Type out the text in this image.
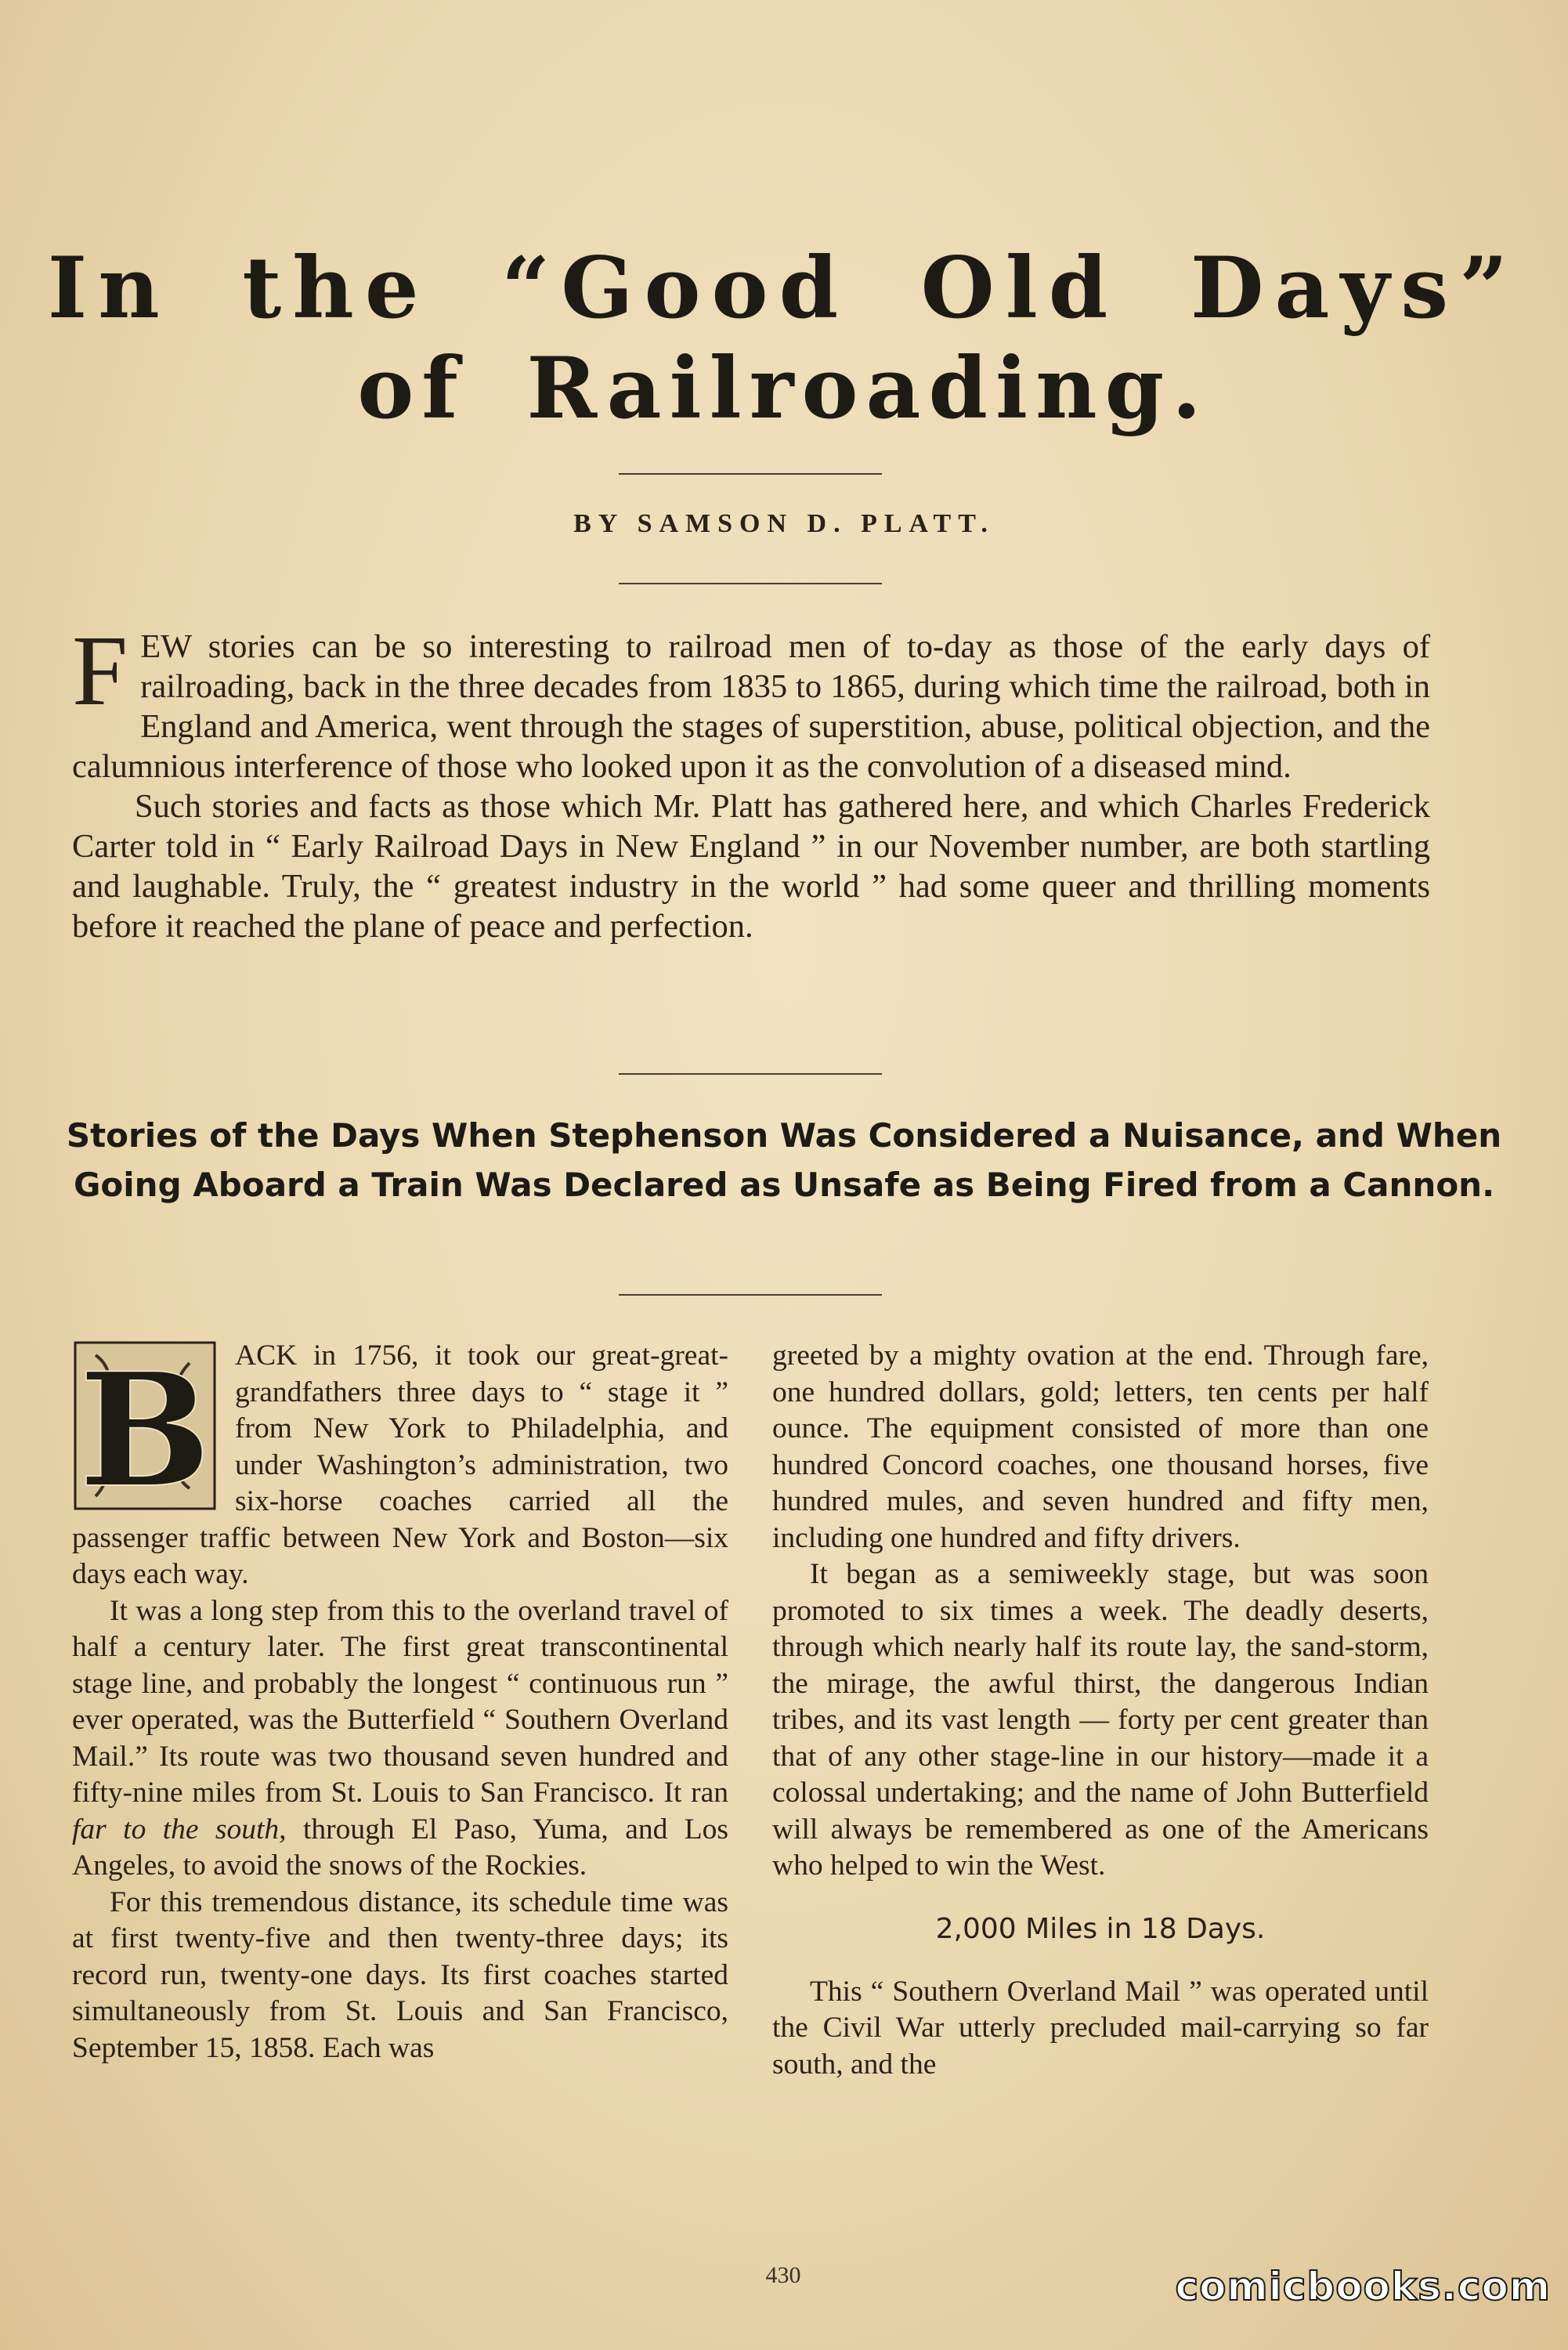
In the “Good Old Days”
of Railroading.
BY SAMSON D. PLATT.

FEW stories can be so interesting to railroad men of to-day as those of the early days of railroading, back in the three decades from 1835 to 1865, during which time the railroad, both in England and America, went through the stages of superstition, abuse, political objection, and the calumnious interference of those who looked upon it as the convolution of a diseased mind.

Such stories and facts as those which Mr. Platt has gathered here, and which Charles Frederick Carter told in “ Early Railroad Days in New England ” in our November number, are both startling and laughable. Truly, the “ greatest industry in the world ” had some queer and thrilling moments before it reached the plane of peace and perfection.

Stories of the Days When Stephenson Was Considered a Nuisance, and When Going Aboard a Train Was Declared as Unsafe as Being Fired from a Cannon.

B ACK in 1756, it took our great-great-grandfathers three days to “ stage it ” from New York to Philadelphia, and under Washington’s administration, two six-horse coaches carried all the passenger traffic between New York and Boston—six days each way.

It was a long step from this to the overland travel of half a century later. The first great transcontinental stage line, and probably the longest “ continuous run ” ever operated, was the Butterfield “ Southern Overland Mail.” Its route was two thousand seven hundred and fifty-nine miles from St. Louis to San Francisco. It ran far to the south, through El Paso, Yuma, and Los Angeles, to avoid the snows of the Rockies.

For this tremendous distance, its schedule time was at first twenty-five and then twenty-three days; its record run, twenty-one days. Its first coaches started simultaneously from St. Louis and San Francisco, September 15, 1858. Each was

greeted by a mighty ovation at the end. Through fare, one hundred dollars, gold; letters, ten cents per half ounce. The equipment consisted of more than one hundred Concord coaches, one thousand horses, five hundred mules, and seven hundred and fifty men, including one hundred and fifty drivers.

It began as a semiweekly stage, but was soon promoted to six times a week. The deadly deserts, through which nearly half its route lay, the sand-storm, the mirage, the awful thirst, the dangerous Indian tribes, and its vast length — forty per cent greater than that of any other stage-line in our history—made it a colossal undertaking; and the name of John Butterfield will always be remembered as one of the Americans who helped to win the West.

2,000 Miles in 18 Days.

This “ Southern Overland Mail ” was operated until the Civil War utterly precluded mail-carrying so far south, and the

430	comicbooks.com
